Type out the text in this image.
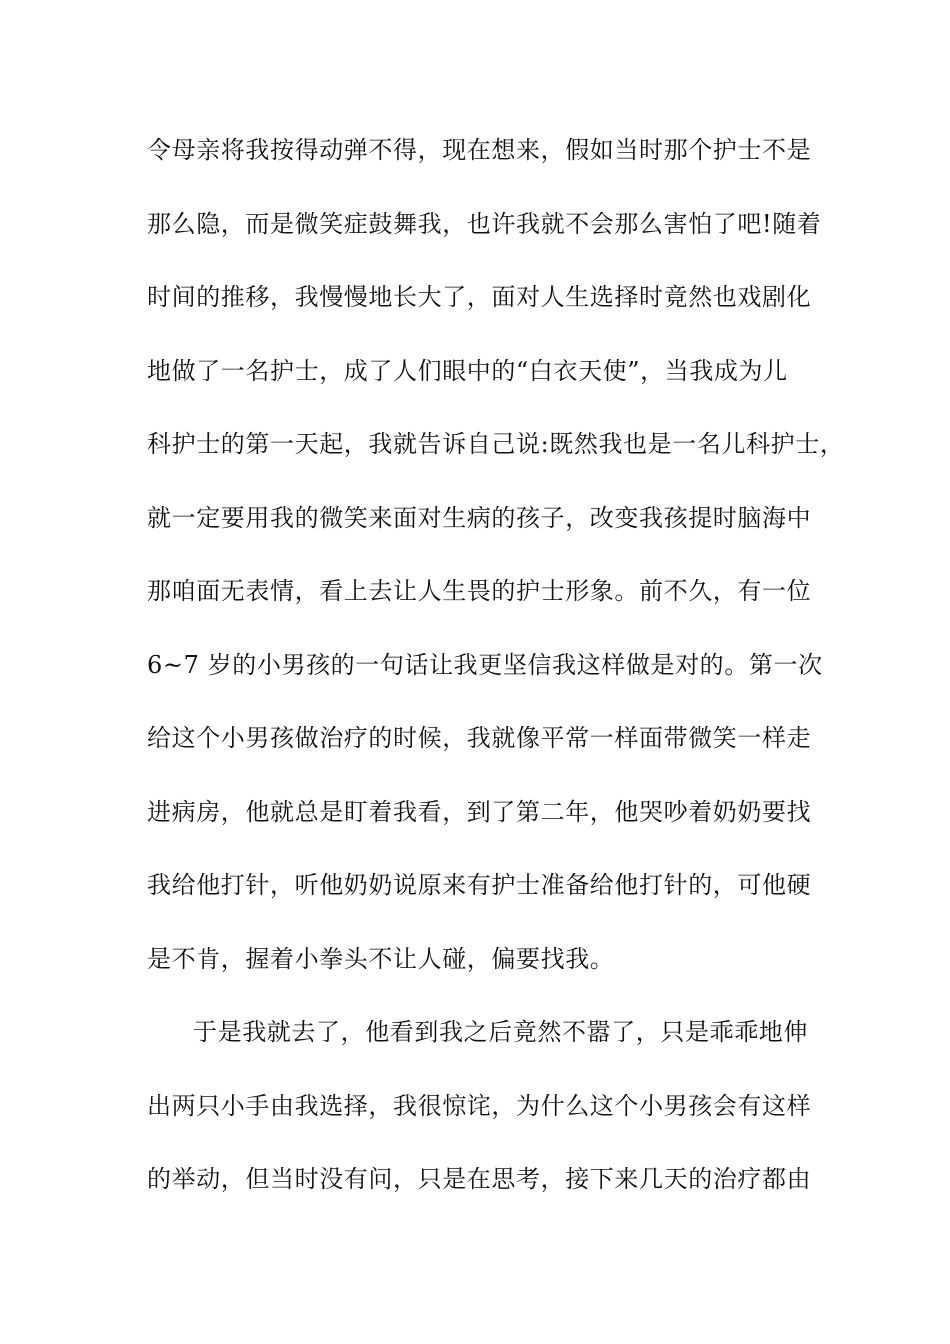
令母亲将我按得动弹不得，现在想来，假如当时那个护士不是
那么隐，而是微笑症鼓舞我，也许我就不会那么害怕了吧!随着
时间的推移，我慢慢地长大了，面对人生选择时竟然也戏剧化
地做了一名护士，成了人们眼中的“白衣天使”，当我成为儿
科护士的第一天起，我就告诉自己说:既然我也是一名儿科护士，
就一定要用我的微笑来面对生病的孩子，改变我孩提时脑海中
那咱面无表情，看上去让人生畏的护士形象。前不久，有一位
6~7 岁的小男孩的一句话让我更坚信我这样做是对的。第一次
给这个小男孩做治疗的时候，我就像平常一样面带微笑一样走
进病房，他就总是盯着我看，到了第二年，他哭吵着奶奶要找
我给他打针，听他奶奶说原来有护士准备给他打针的，可他硬
是不肯，握着小拳头不让人碰，偏要找我。
于是我就去了，他看到我之后竟然不嚣了，只是乖乖地伸
出两只小手由我选择，我很惊诧，为什么这个小男孩会有这样
的举动，但当时没有问，只是在思考，接下来几天的治疗都由
